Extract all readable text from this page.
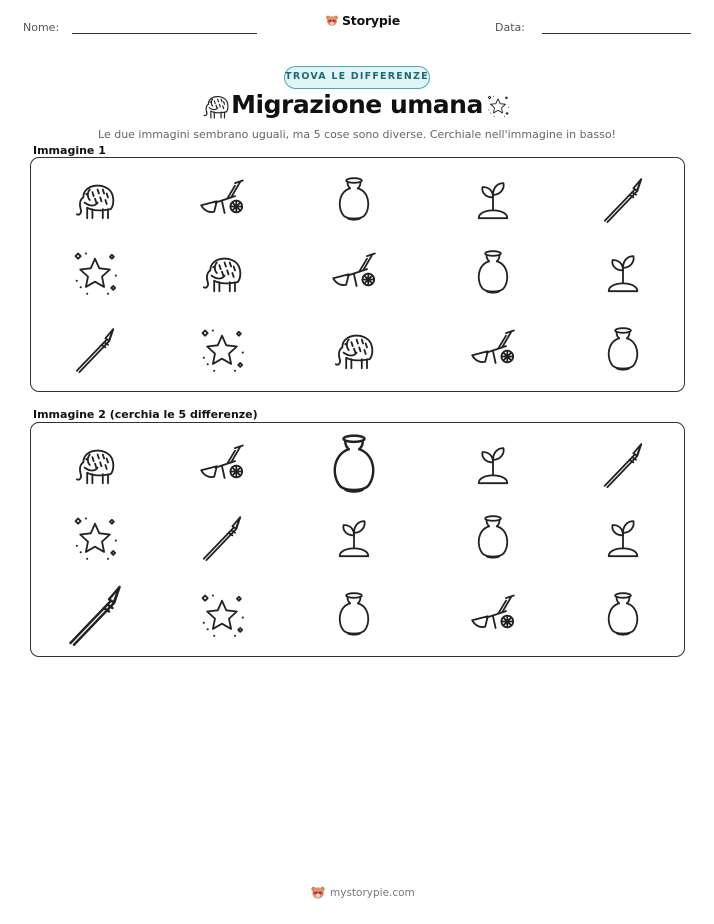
Nome:	Storypie	Data:
TROVA LE DIFFERENZE
Migrazione umana
Le due immagini sembrano uguali, ma 5 cose sono diverse. Cerchiale nell'immagine in basso!
Immagine 1
Immagine 2 (cerchia le 5 differenze)
mystorypie.com
